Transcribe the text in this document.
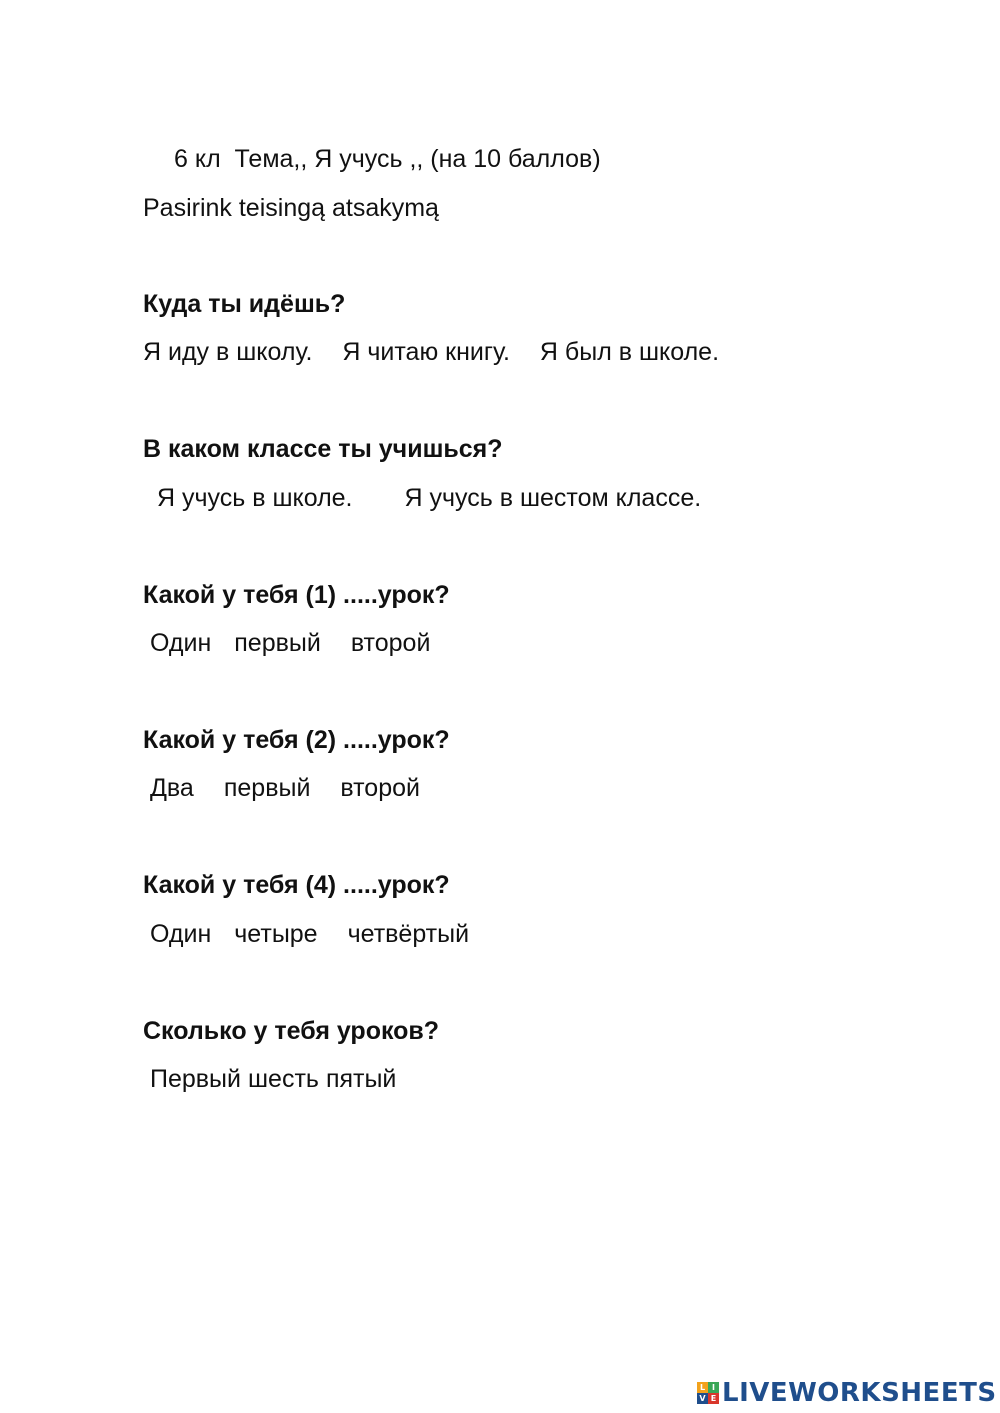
6 кл  Тема,, Я учусь ,, (на 10 баллов)
Pasirink teisingą atsakymą
Куда ты идёшь?
Я иду в школу. Я читаю книгу. Я был в школе.
В каком классе ты учишься?
Я учусь в школе. Я учусь в шестом классе.
Какой у тебя (1) .....урок?
Один первый второй
Какой у тебя (2) .....урок?
Два первый второй
Какой у тебя (4) .....урок?
Один четыре четвёртый
Сколько у тебя уроков?
Первый шесть пятый
L I
V E LIVEWORKSHEETS
